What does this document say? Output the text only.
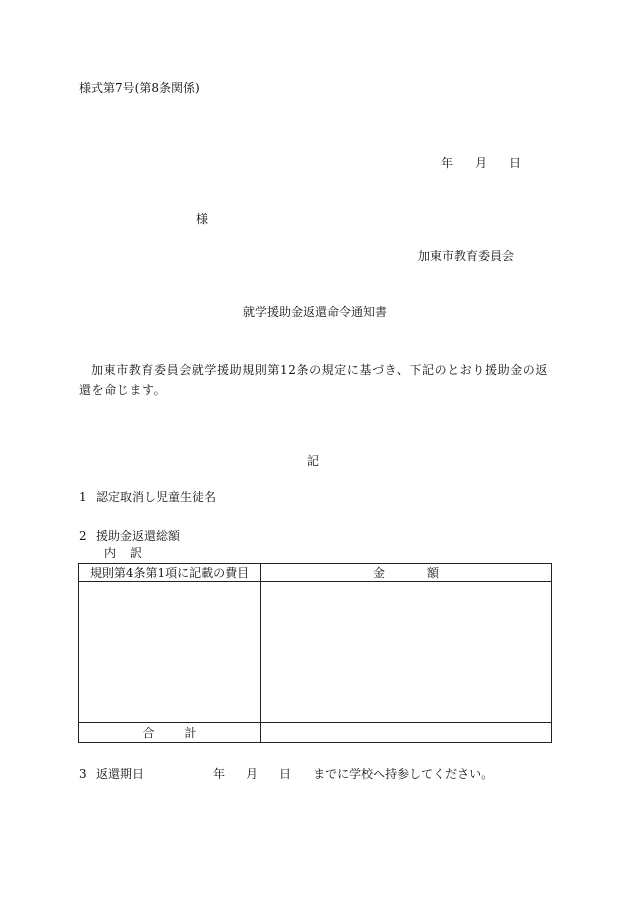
様式第7号(第8条関係)
年 月 日
様
加東市教育委員会
就学援助金返還命令通知書
加東市教育委員会就学援助規則第12条の規定に基づき、下記のとおり援助金の返還を命じます。
記
1 認定取消し児童生徒名
2 援助金返還総額
内 訳
規則第4条第1項に記載の費目	金額

合計	
3 返還期日	年 月 日 までに学校へ持参してください。
